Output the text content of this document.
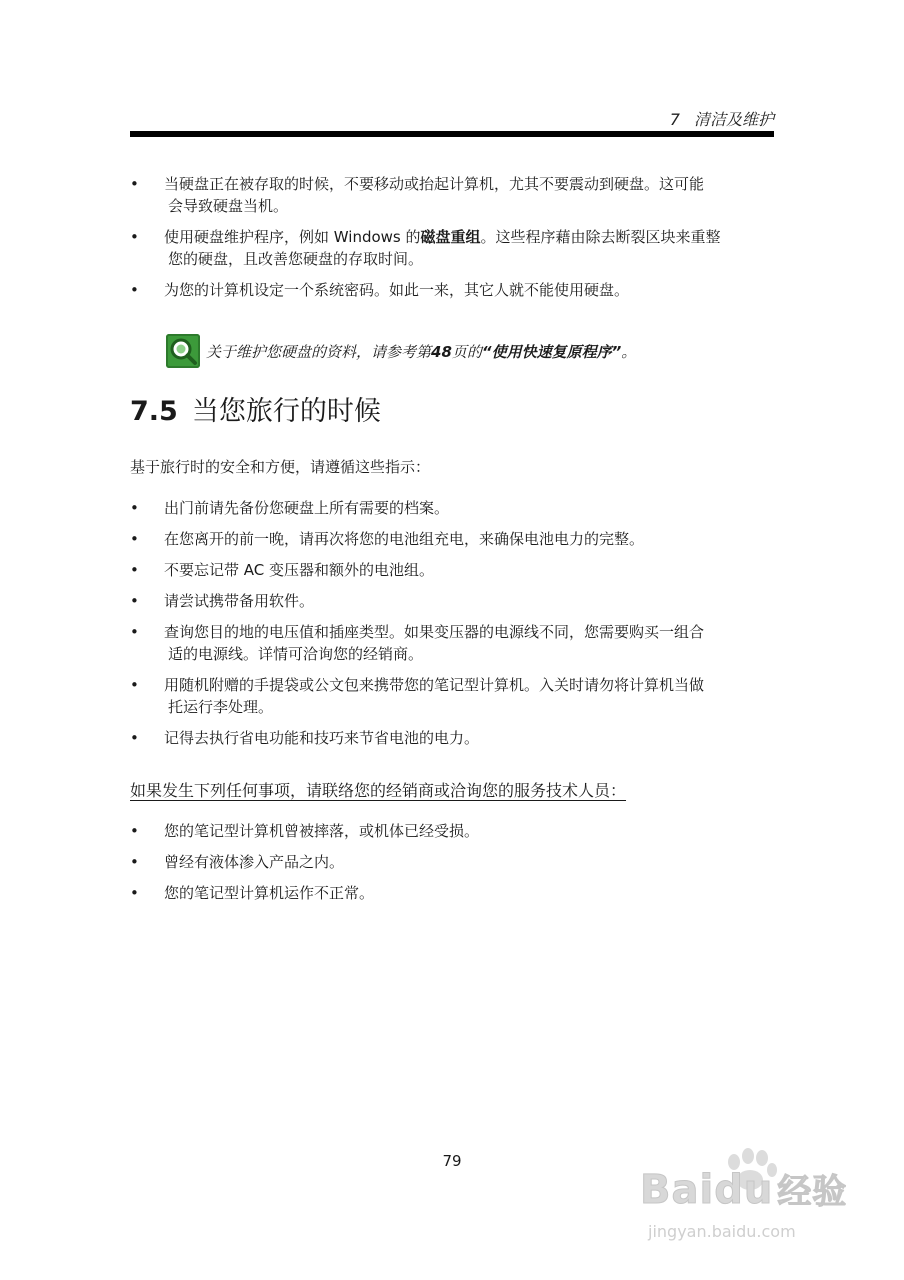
7 清洁及维护
• 当硬盘正在被存取的时候，不要移动或抬起计算机，尤其不要震动到硬盘。这可能
会导致硬盘当机。
• 使用硬盘维护程序，例如 Windows 的磁盘重组。这些程序藉由除去断裂区块来重整
您的硬盘，且改善您硬盘的存取时间。
• 为您的计算机设定一个系统密码。如此一来，其它人就不能使用硬盘。
关于维护您硬盘的资料，请参考第48页的“使用快速复原程序”。
7.5 当您旅行的时候
基于旅行时的安全和方便，请遵循这些指示：
• 出门前请先备份您硬盘上所有需要的档案。
• 在您离开的前一晚，请再次将您的电池组充电，来确保电池电力的完整。
• 不要忘记带 AC 变压器和额外的电池组。
• 请尝试携带备用软件。
• 查询您目的地的电压值和插座类型。如果变压器的电源线不同，您需要购买一组合
适的电源线。详情可洽询您的经销商。
• 用随机附赠的手提袋或公文包来携带您的笔记型计算机。入关时请勿将计算机当做
托运行李处理。
• 记得去执行省电功能和技巧来节省电池的电力。
如果发生下列任何事项，请联络您的经销商或洽询您的服务技术人员：
• 您的笔记型计算机曾被摔落，或机体已经受损。
• 曾经有液体渗入产品之内。
• 您的笔记型计算机运作不正常。
79
Baidu 经验
jingyan.baidu.com
